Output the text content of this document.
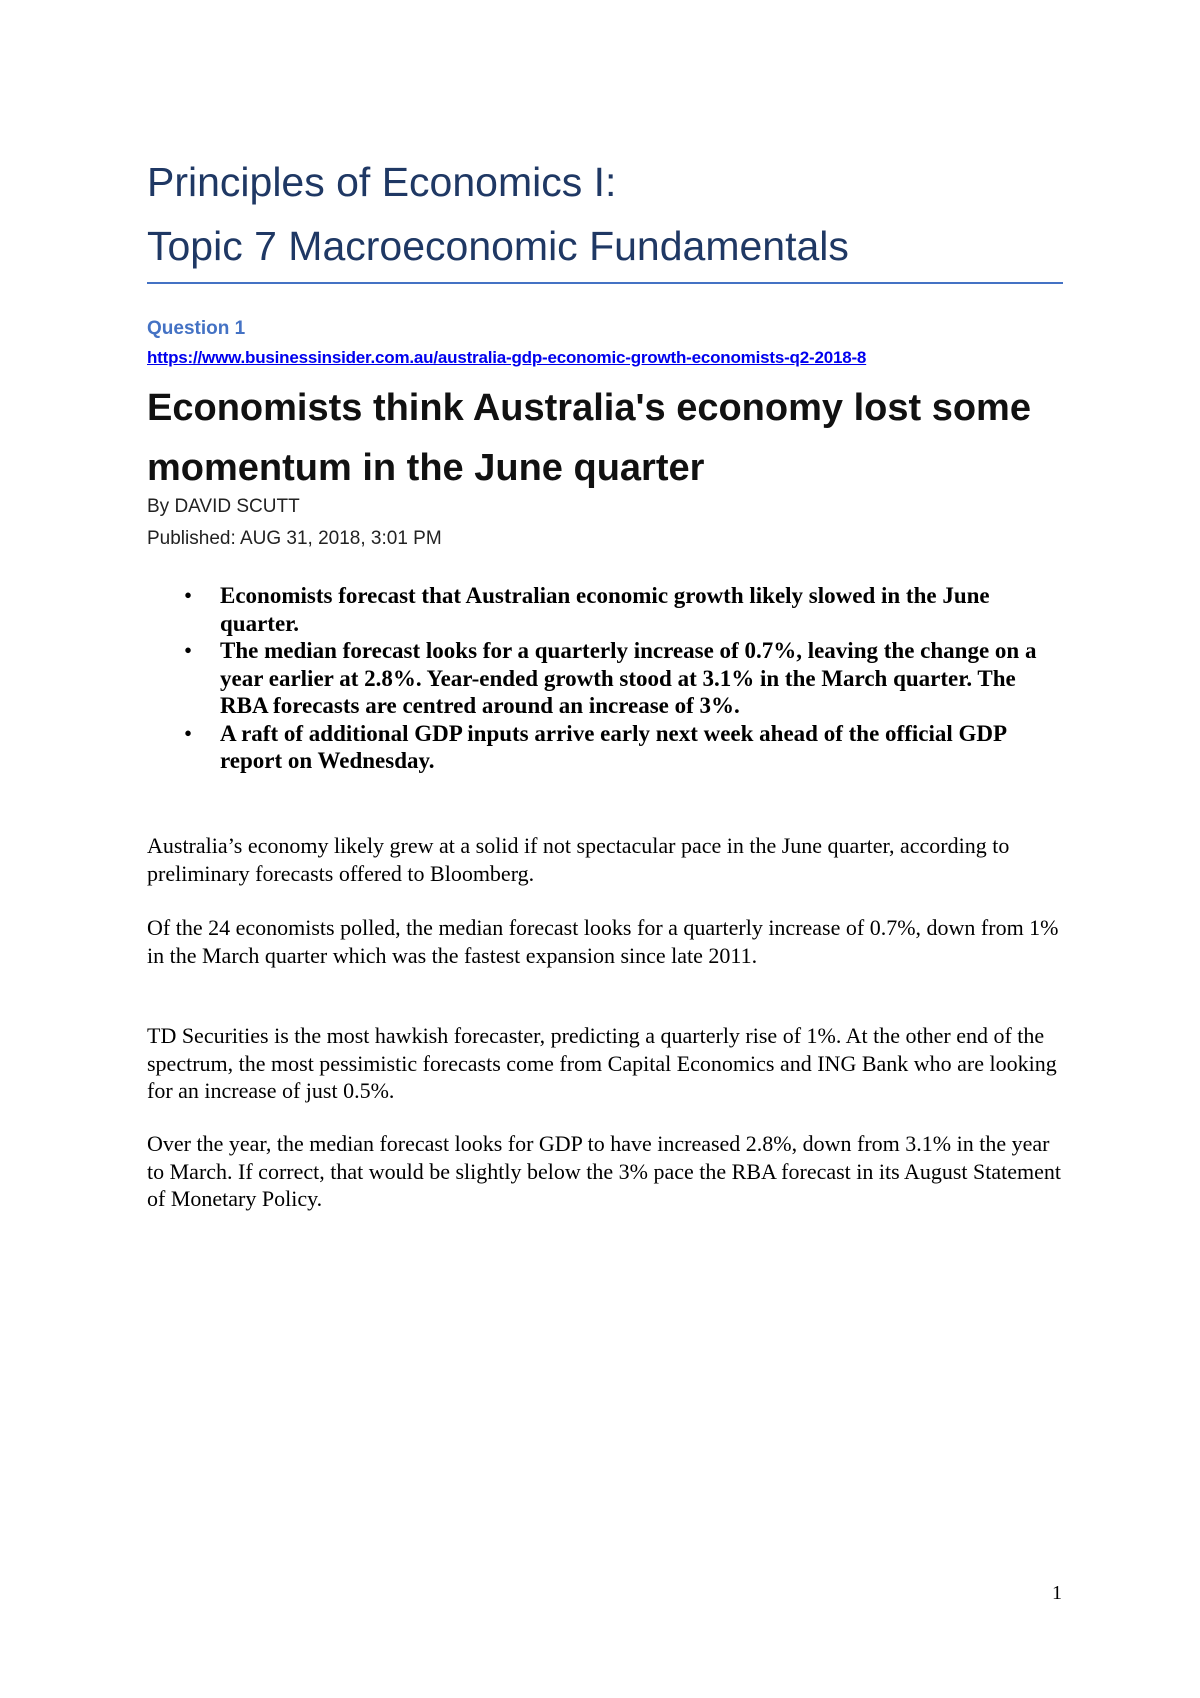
Principles of Economics I:
Topic 7 Macroeconomic Fundamentals
Question 1
https://www.businessinsider.com.au/australia-gdp-economic-growth-economists-q2-2018-8
Economists think Australia's economy lost some momentum in the June quarter
By DAVID SCUTT
Published: AUG 31, 2018, 3:01 PM
• Economists forecast that Australian economic growth likely slowed in the June quarter.
• The median forecast looks for a quarterly increase of 0.7%, leaving the change on a year earlier at 2.8%. Year-ended growth stood at 3.1% in the March quarter. The RBA forecasts are centred around an increase of 3%.
• A raft of additional GDP inputs arrive early next week ahead of the official GDP report on Wednesday.

Australia’s economy likely grew at a solid if not spectacular pace in the June quarter, according to preliminary forecasts offered to Bloomberg.

Of the 24 economists polled, the median forecast looks for a quarterly increase of 0.7%, down from 1% in the March quarter which was the fastest expansion since late 2011.

TD Securities is the most hawkish forecaster, predicting a quarterly rise of 1%. At the other end of the spectrum, the most pessimistic forecasts come from Capital Economics and ING Bank who are looking for an increase of just 0.5%.

Over the year, the median forecast looks for GDP to have increased 2.8%, down from 3.1% in the year to March. If correct, that would be slightly below the 3% pace the RBA forecast in its August Statement of Monetary Policy.

1
